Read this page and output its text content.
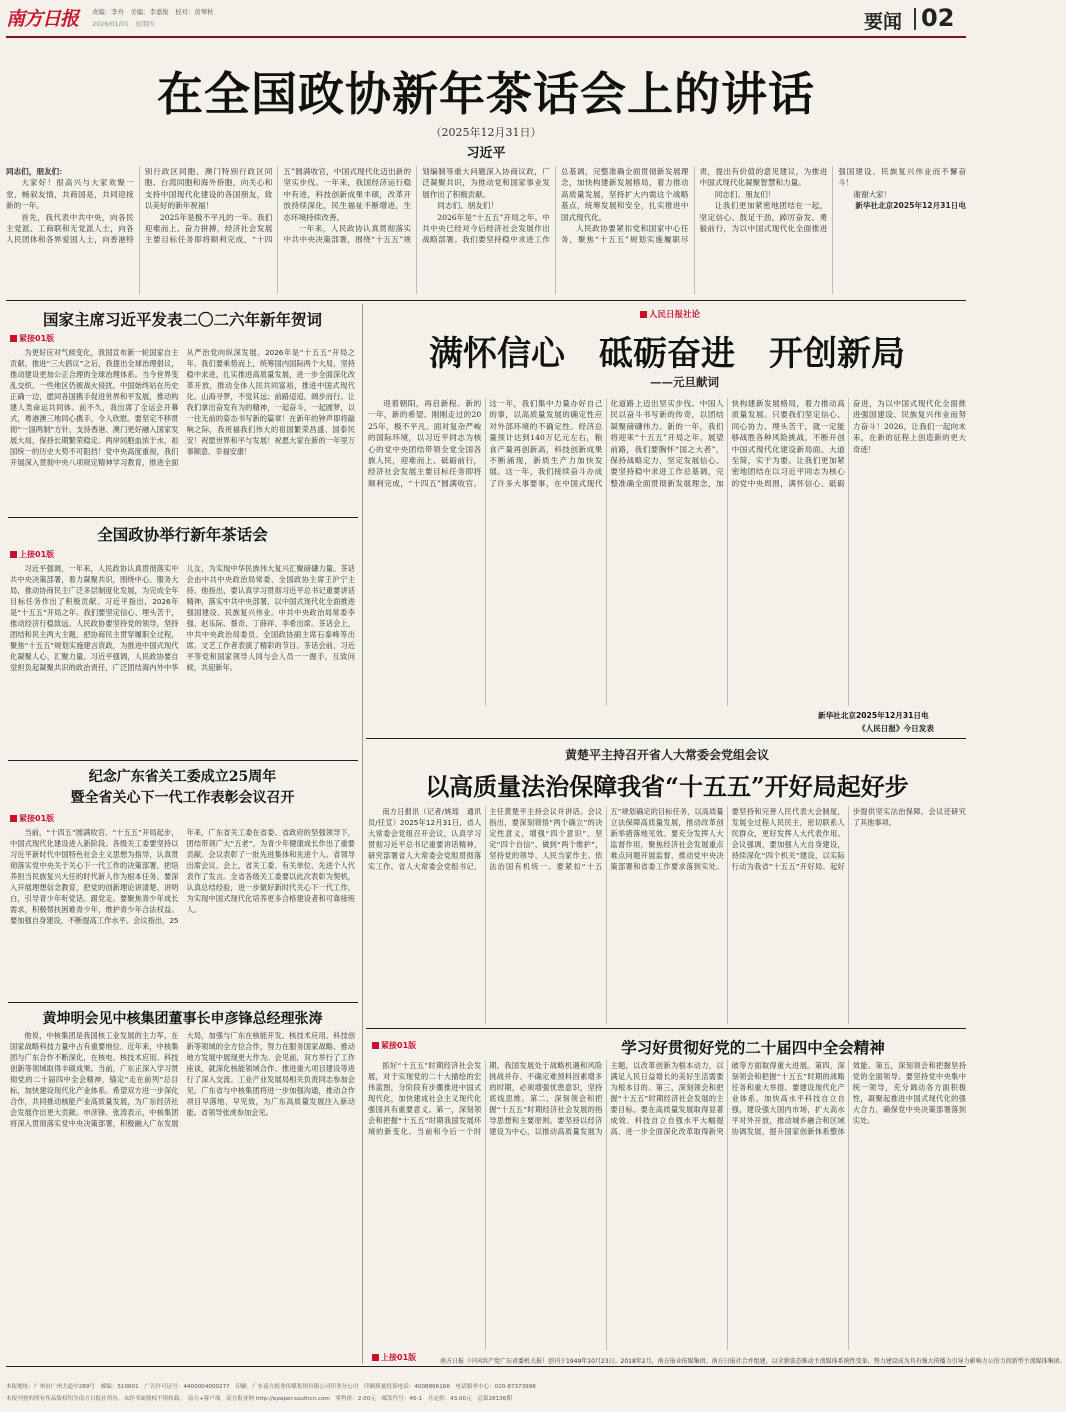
南方日报 责编：李舟　美编：李嘉俊　校对：黄琴秋
2026/01/01　星期四	要闻 02
在全国政协新年茶话会上的讲话
（2025年12月31日）
习近平

同志们，朋友们：

大家好！很高兴与大家欢聚一堂，畅叙友情，共商国是，共同迎接新的一年。

首先，我代表中共中央，向各民主党派、工商联和无党派人士，向各人民团体和各界爱国人士，向香港特别行政区同胞、澳门特别行政区同胞、台湾同胞和海外侨胞，向关心和支持中国现代化建设的各国朋友，致以美好的新年祝福！

2025年是极不平凡的一年。我们迎难而上、奋力拼搏，经济社会发展主要目标任务即将顺利完成，“十四五”圆满收官，中国式现代化迈出新的坚实步伐。一年来，我国经济运行稳中有进，科技创新成果丰硕，改革开放持续深化，民生福祉不断增进，生态环境持续改善。

一年来，人民政协认真贯彻落实中共中央决策部署，围绕“十五五”规划编制等重大问题深入协商议政，广泛凝聚共识，为推动党和国家事业发展作出了积极贡献。

同志们、朋友们！

2026年是“十五五”开局之年。中共中央已经对今后经济社会发展作出战略部署。我们要坚持稳中求进工作总基调，完整准确全面贯彻新发展理念，加快构建新发展格局，着力推动高质量发展，坚持扩大内需这个战略基点，统筹发展和安全，扎实推进中国式现代化。

人民政协要紧扣党和国家中心任务，聚焦“十五五”规划实施履职尽责，提出有价值的意见建议，为推进中国式现代化凝聚智慧和力量。

同志们、朋友们！

让我们更加紧密地团结在一起，坚定信心、鼓足干劲，踔厉奋发、勇毅前行，为以中国式现代化全面推进强国建设、民族复兴伟业而不懈奋斗！

谢谢大家！

新华社北京2025年12月31日电

国家主席习近平发表二〇二六年新年贺词
紧接01版
为更好应对气候变化，我国宣布新一轮国家自主贡献。推进“三大倡议”之后，我提出全球治理倡议，推动建设更加公正合理的全球治理体系。当今世界变乱交织，一些地区仍被战火侵扰。中国始终站在历史正确一边，愿同各国携手促进世界和平发展，推动构建人类命运共同体。前不久，我出席了全运会开幕式，粤港澳三地同心携手，令人欣慰。要坚定不移贯彻“一国两制”方针，支持香港、澳门更好融入国家发展大局，保持长期繁荣稳定。两岸同胞血浓于水，祖国统一的历史大势不可阻挡！党中央高度重视，我们开展深入贯彻中央八项规定精神学习教育，推进全面从严治党向纵深发展。2026年是“十五五”开局之年。我们要乘势而上，统筹国内国际两个大局，坚持稳中求进，扎实推进高质量发展，进一步全面深化改革开放，推动全体人民共同富裕，推进中国式现代化。山海寻梦，不觉其远；前路迢迢，阔步而行。让我们拿出奋发有为的精神，一起奋斗，一起圆梦，以一往无前的姿态书写新的篇章！在新年的钟声即将敲响之际，我祝福我们伟大的祖国繁荣昌盛、国泰民安！祝愿世界和平与发展！祝愿大家在新的一年里万事顺意、幸福安康！
全国政协举行新年茶话会
上接01版
习近平强调，一年来，人民政协认真贯彻落实中共中央决策部署，着力凝聚共识，围绕中心、服务大局，推动协商民主广泛多层制度化发展，为完成全年目标任务作出了积极贡献。习近平指出，2026年是“十五五”开局之年。我们要坚定信心、埋头苦干，推动经济行稳致远。人民政协要坚持党的领导，坚持团结和民主两大主题，把协商民主贯穿履职全过程，聚焦“十五五”规划实施建言资政，为推进中国式现代化凝聚人心、汇聚力量。习近平强调，人民政协要自觉担负起凝聚共识的政治责任，广泛团结海内外中华儿女，为实现中华民族伟大复兴汇聚磅礴力量。茶话会由中共中央政治局常委、全国政协主席王沪宁主持。他指出，要认真学习贯彻习近平总书记重要讲话精神，落实中共中央部署，以中国式现代化全面推进强国建设、民族复兴伟业。中共中央政治局常委李强、赵乐际、蔡奇、丁薛祥、李希出席。茶话会上，中共中央政治局委员、全国政协副主席石泰峰等出席。文艺工作者表演了精彩的节目。茶话会前，习近平等党和国家领导人同与会人员一一握手，互致问候，共迎新年。
纪念广东省关工委成立25周年
暨全省关心下一代工作表彰会议召开
紧接01版
当前，“十四五”圆满收官、“十五五”开局起步，中国式现代化建设进入新阶段。各级关工委要坚持以习近平新时代中国特色社会主义思想为指导，认真贯彻落实党中央关于关心下一代工作的决策部署，把培养担当民族复兴大任的时代新人作为根本任务。要深入开展理想信念教育，把党的创新理论讲清楚、讲明白，引导青少年听党话、跟党走。要聚焦青少年成长需求，积极帮扶困难青少年，维护青少年合法权益。要加强自身建设，不断提高工作水平。会议指出，25年来，广东省关工委在省委、省政府的坚强领导下，团结带领广大“五老”，为青少年健康成长作出了重要贡献。会议表彰了一批先进集体和先进个人。省领导出席会议。会上，省关工委、有关单位、先进个人代表作了发言。全省各级关工委要以此次表彰为契机，认真总结经验，进一步做好新时代关心下一代工作，为实现中国式现代化培养更多合格建设者和可靠接班人。
黄坤明会见中核集团董事长申彦锋总经理张涛
他说，中核集团是我国核工业发展的主力军，在国家战略科技力量中占有重要地位。近年来，中核集团与广东合作不断深化，在核电、核技术应用、科技创新等领域取得丰硕成果。当前，广东正深入学习贯彻党的二十届四中全会精神，锚定“走在前列”总目标，加快建设现代化产业体系。希望双方进一步深化合作，共同推动核能产业高质量发展，为广东经济社会发展作出更大贡献。申彦锋、张涛表示，中核集团将深入贯彻落实党中央决策部署，积极融入广东发展大局，加强与广东在核能开发、核技术应用、科技创新等领域的全方位合作，努力在服务国家战略、推动地方发展中展现更大作为。会见前，双方举行了工作座谈，就深化核能领域合作、推进重大项目建设等进行了深入交流。工业产业发展局相关负责同志参加会见。广东省与中核集团将进一步加强沟通，推动合作项目早落地、早见效，为广东高质量发展注入新动能。省领导张虎参加会见。
人民日报社论
满怀信心　砥砺奋进　开创新局
——元旦献词
迎着朝阳，再启新程。新的一年，新的希望。刚刚走过的2025年，极不平凡。面对复杂严峻的国际环境，以习近平同志为核心的党中央团结带领全党全国各族人民，迎难而上、砥砺前行，经济社会发展主要目标任务即将顺利完成，“十四五”圆满收官。这一年，我们集中力量办好自己的事，以高质量发展的确定性应对外部环境的不确定性。经济总量预计达到140万亿元左右，粮食产量再创新高，科技创新成果不断涌现，新质生产力加快发展。这一年，我们接续奋斗办成了许多大事要事，在中国式现代化道路上迈出坚实步伐。中国人民以奋斗书写新的传奇，以团结凝聚磅礴伟力。新的一年，我们将迎来“十五五”开局之年。展望前路，我们要胸怀“国之大者”，保持战略定力，坚定发展信心。要坚持稳中求进工作总基调，完整准确全面贯彻新发展理念，加快构建新发展格局，着力推动高质量发展。只要我们坚定信心、同心协力、埋头苦干，就一定能够战胜各种风险挑战，不断开创中国式现代化建设新局面。大道至简，实干为要。让我们更加紧密地团结在以习近平同志为核心的党中央周围，满怀信心、砥砺奋进，为以中国式现代化全面推进强国建设、民族复兴伟业而努力奋斗！2026，让我们一起向未来，在新的征程上创造新的更大奇迹！
新华社北京2025年12月31日电
《人民日报》今日发表
黄楚平主持召开省人大常委会党组会议
以高质量法治保障我省“十五五”开好局起好步
南方日报讯（记者/姚瑶　通讯员/任宣）2025年12月31日，省人大常委会党组召开会议，认真学习贯彻习近平总书记重要讲话精神，研究部署省人大常委会党组贯彻落实工作。省人大常委会党组书记、主任黄楚平主持会议并讲话。会议指出，要深刻领悟“两个确立”的决定性意义，增强“四个意识”、坚定“四个自信”、做到“两个维护”，坚持党的领导、人民当家作主、依法治国有机统一。要紧扣“十五五”规划确定的目标任务，以高质量立法保障高质量发展，推动改革创新举措落地见效。要充分发挥人大监督作用，聚焦经济社会发展重点难点问题开展监督，推动党中央决策部署和省委工作要求落到实处。要坚持和完善人民代表大会制度，发展全过程人民民主，密切联系人民群众，更好发挥人大代表作用。会议强调，要加强人大自身建设，持续深化“四个机关”建设，以实际行动为我省“十五五”开好局、起好步提供坚实法治保障。会议还研究了其他事项。
紧接01版	学习好贯彻好党的二十届四中全会精神
抓好“十五五”时期经济社会发展，对于实现党的二十大描绘的宏伟蓝图，分阶段有步骤推进中国式现代化，加快建成社会主义现代化强国具有重要意义。第一，深刻领会和把握“十五五”时期我国发展环境的新变化。当前和今后一个时期，我国发展处于战略机遇和风险挑战并存、不确定难预料因素增多的时期，必须增强忧患意识，坚持底线思维。第二，深刻领会和把握“十五五”时期经济社会发展的指导思想和主要原则。要坚持以经济建设为中心，以推动高质量发展为主题，以改革创新为根本动力，以满足人民日益增长的美好生活需要为根本目的。第三，深刻领会和把握“十五五”时期经济社会发展的主要目标。要在高质量发展取得显著成效、科技自立自强水平大幅提高、进一步全面深化改革取得新突破等方面取得重大进展。第四，深刻领会和把握“十五五”时期的战略任务和重大举措。要建设现代化产业体系，加快高水平科技自立自强，建设强大国内市场，扩大高水平对外开放，推动城乡融合和区域协调发展，提升国家创新体系整体效能。第五，深刻领会和把握坚持党的全面领导。要坚持党中央集中统一领导，充分调动各方面积极性，凝聚起推进中国式现代化的强大合力，确保党中央决策部署落到实处。
上接01版	南方日报（中国共产党广东省委机关报）创刊于1949年10月23日。2018年2月，南方报业传媒集团、南方日报社合并组建，以全新姿态推动主流媒体系统性变革，努力建设成为具有强大传播力引导力影响力公信力的新型主流媒体集团。
本报地址：广州市广州大道中289号　邮编：510601　广告许可证号：4400004000277　印刷：广东南方报业传媒集团有限公司印务分公司　印刷质量投诉电话：4008866166　电话服务中心：020-87373998
本报刊登的所有作品版权均为南方日报社所有，未经书面授权不得转载。　南方+客户端　南方报业网 http://epaper.southcn.com　零售价：2.00元　邮发代号：45-1　月定价：43.00元　总第28136期
